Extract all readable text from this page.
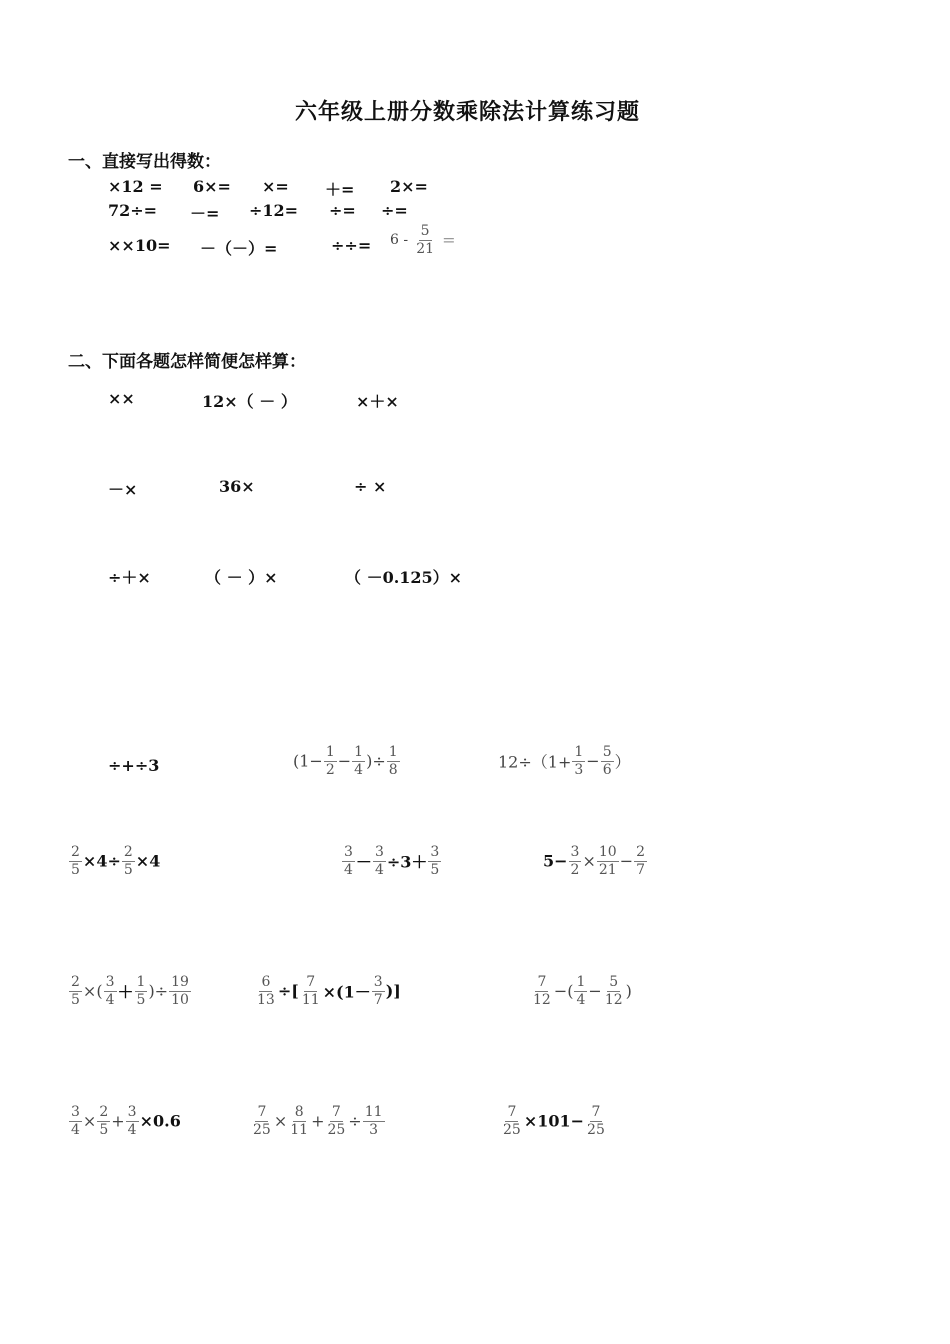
六年级上册分数乘除法计算练习题
一、直接写出得数：
×12 = 6×= ×= ＋= 2×=
72÷= －= ÷12= ÷= ÷=
××10= －（－）=	÷÷= $6 - \frac{5}{21}$ =
二、下面各题怎样简便怎样算：
××	12×（ － ）	×＋×
－×	36×	÷ ×
÷＋×	（ － ）×	（ －0.125）×
÷+÷3	($1- \frac{1}{2} - \frac{1}{4}$ )÷ $\frac{1}{8}$	$12\div(1+ \frac{1}{3} - \frac{5}{6}$ ）
$\frac{2}{5} \times 4\div \frac{2}{5} \times 4$	$\frac{3}{4} - \frac{3}{4} \div 3+ \frac{3}{5}$	$5- \frac{3}{2} \times \frac{10}{21} - \frac{2}{7}$
$\frac{2}{5}$ ×( $\frac{3}{4} + \frac{1}{5}$ )÷ $\frac{19}{10}$	$\frac{6}{13}$ ÷[ $\frac{7}{11} \times(1- \frac{3}{7}$ )]	$\frac{7}{12}$ −( $\frac{1}{4} - \frac{5}{12}$ )
$\frac{3}{4} \times \frac{2}{5} + \frac{3}{4} \times 0.6$	$\frac{7}{25} \times \frac{8}{11} + \frac{7}{25} \div \frac{11}{3}$	$\frac{7}{25} \times 101- \frac{7}{25}$
